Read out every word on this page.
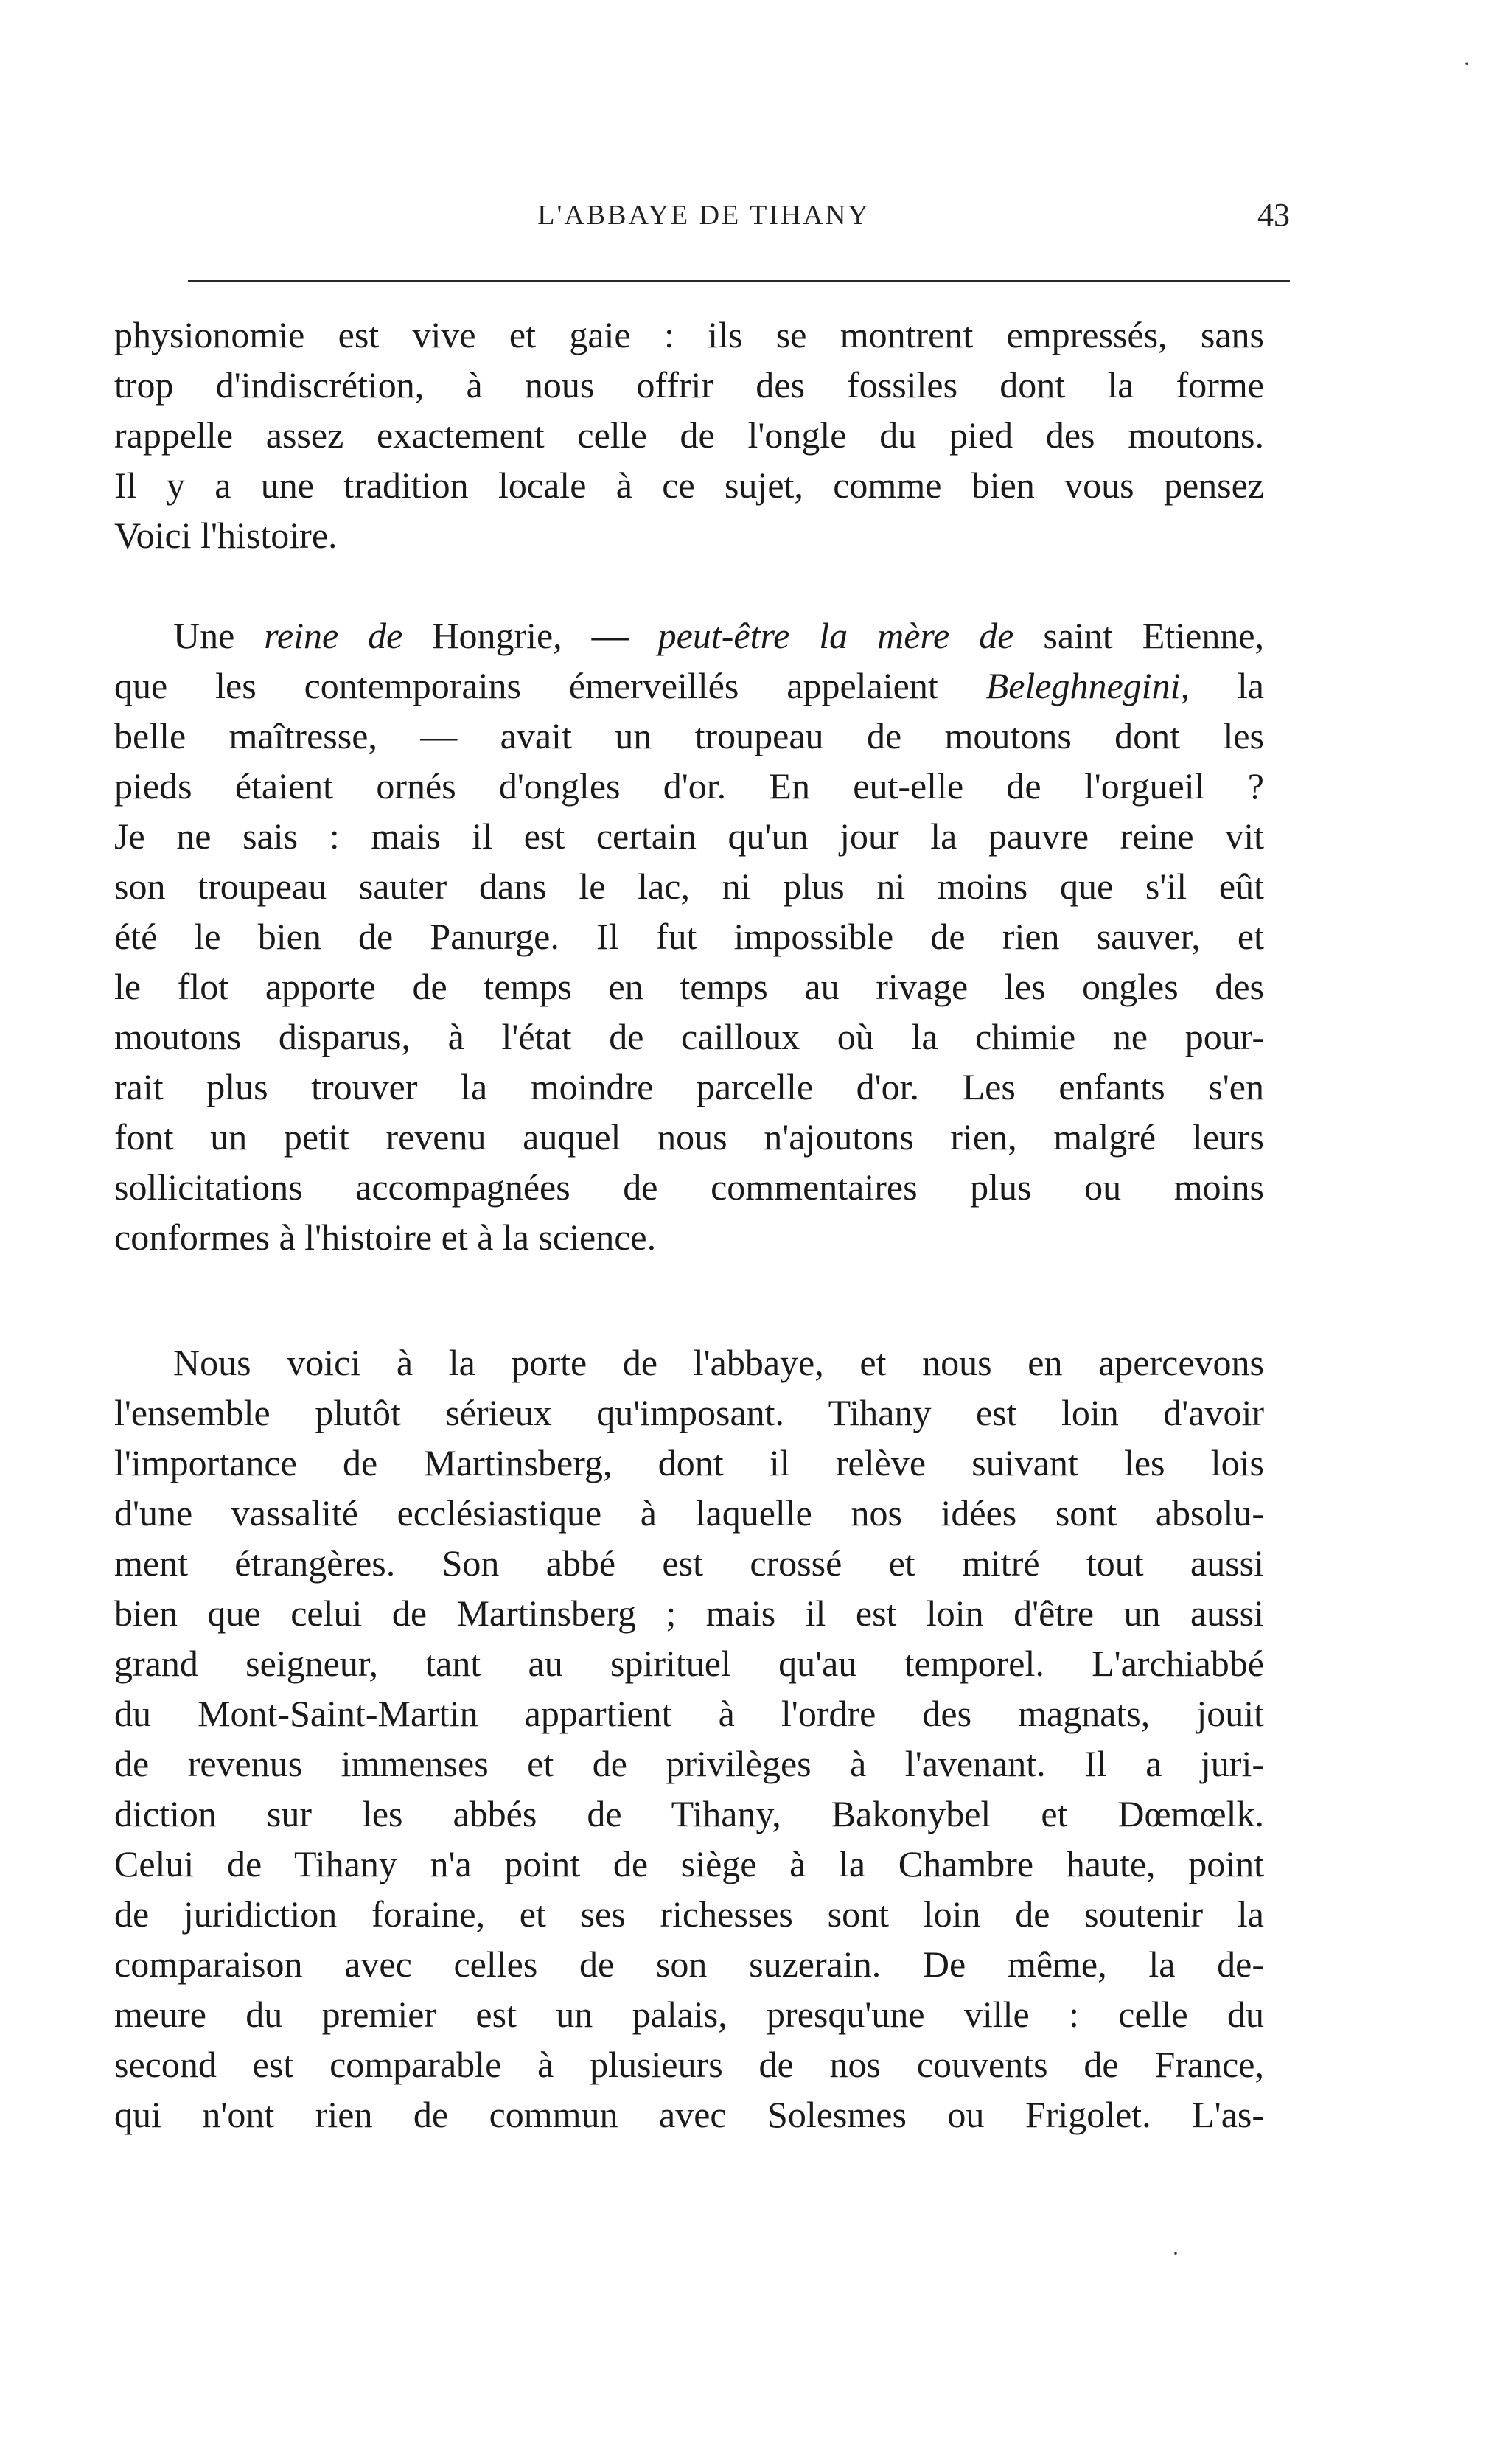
L'ABBAYE DE TIHANY	43
physionomie est vive et gaie : ils se montrent empressés, sans
trop d'indiscrétion, à nous offrir des fossiles dont la forme
rappelle assez exactement celle de l'ongle du pied des moutons.
Il y a une tradition locale à ce sujet, comme bien vous pensez
Voici l'histoire.
Une reine de Hongrie, — peut-être la mère de saint Etienne,
que les contemporains émerveillés appelaient Beleghnegini, la
belle maîtresse, — avait un troupeau de moutons dont les
pieds étaient ornés d'ongles d'or. En eut-elle de l'orgueil ?
Je ne sais : mais il est certain qu'un jour la pauvre reine vit
son troupeau sauter dans le lac, ni plus ni moins que s'il eût
été le bien de Panurge. Il fut impossible de rien sauver, et
le flot apporte de temps en temps au rivage les ongles des
moutons disparus, à l'état de cailloux où la chimie ne pour-
rait plus trouver la moindre parcelle d'or. Les enfants s'en
font un petit revenu auquel nous n'ajoutons rien, malgré leurs
sollicitations accompagnées de commentaires plus ou moins
conformes à l'histoire et à la science.
Nous voici à la porte de l'abbaye, et nous en apercevons
l'ensemble plutôt sérieux qu'imposant. Tihany est loin d'avoir
l'importance de Martinsberg, dont il relève suivant les lois
d'une vassalité ecclésiastique à laquelle nos idées sont absolu-
ment étrangères. Son abbé est crossé et mitré tout aussi
bien que celui de Martinsberg ; mais il est loin d'être un aussi
grand seigneur, tant au spirituel qu'au temporel. L'archiabbé
du Mont-Saint-Martin appartient à l'ordre des magnats, jouit
de revenus immenses et de privilèges à l'avenant. Il a juri-
diction sur les abbés de Tihany, Bakonybel et Dœmœlk.
Celui de Tihany n'a point de siège à la Chambre haute, point
de juridiction foraine, et ses richesses sont loin de soutenir la
comparaison avec celles de son suzerain. De même, la de-
meure du premier est un palais, presqu'une ville : celle du
second est comparable à plusieurs de nos couvents de France,
qui n'ont rien de commun avec Solesmes ou Frigolet. L'as-
·
·
